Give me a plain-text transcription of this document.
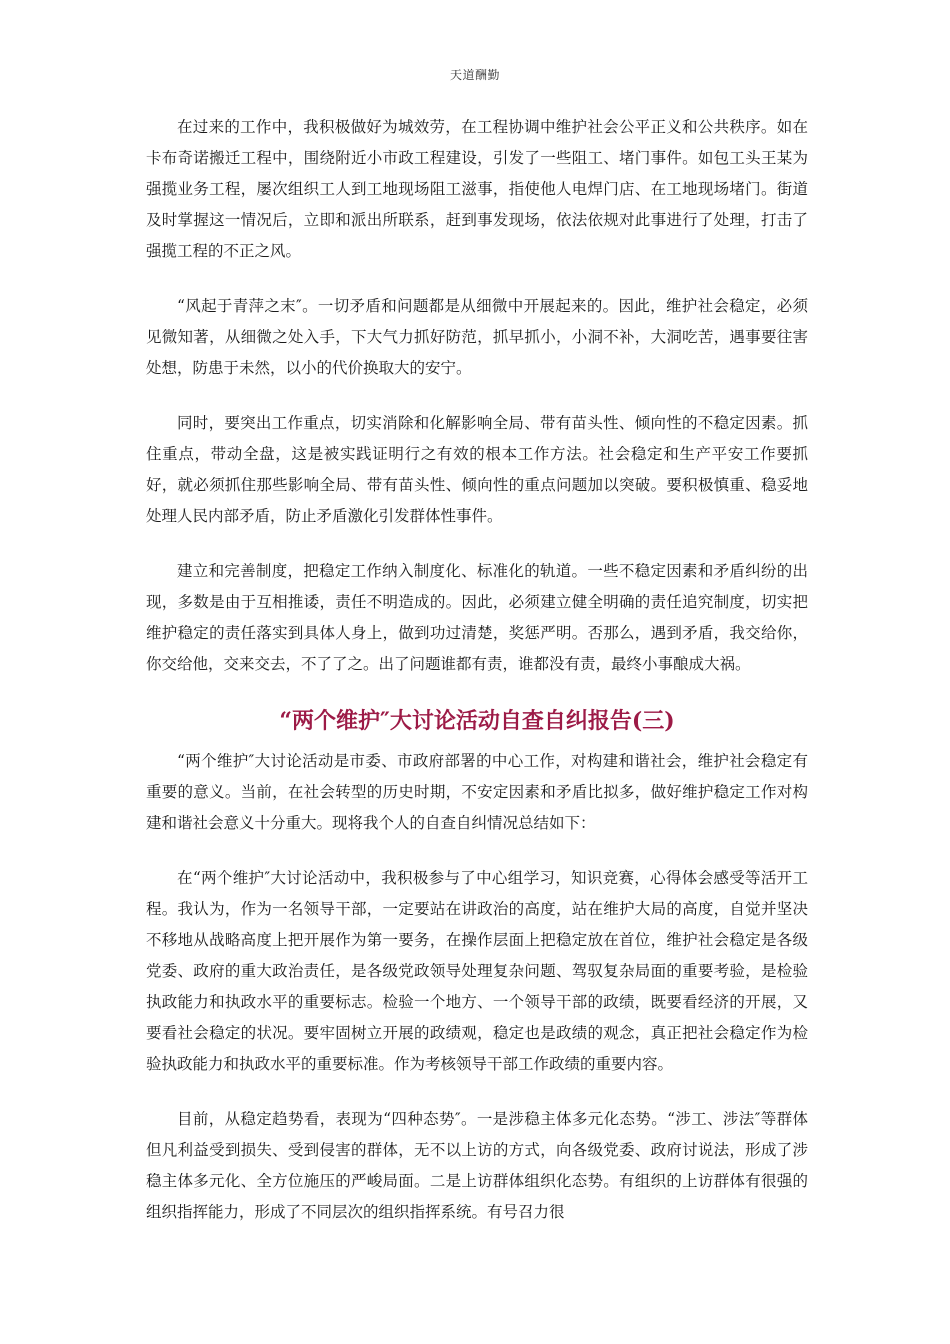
天道酬勤

在过来的工作中，我积极做好为城效劳，在工程协调中维护社会公平正义和公共秩序。如在卡布奇诺搬迁工程中，围绕附近小市政工程建设，引发了一些阻工、堵门事件。如包工头王某为强揽业务工程，屡次组织工人到工地现场阻工滋事，指使他人电焊门店、在工地现场堵门。街道及时掌握这一情况后，立即和派出所联系，赶到事发现场，依法依规对此事进行了处理，打击了强揽工程的不正之风。

“风起于青萍之末″。一切矛盾和问题都是从细微中开展起来的。因此，维护社会稳定，必须见微知著，从细微之处入手，下大气力抓好防范，抓早抓小，小洞不补，大洞吃苦，遇事要往害处想，防患于未然，以小的代价换取大的安宁。

同时，要突出工作重点，切实消除和化解影响全局、带有苗头性、倾向性的不稳定因素。抓住重点，带动全盘，这是被实践证明行之有效的根本工作方法。社会稳定和生产平安工作要抓好，就必须抓住那些影响全局、带有苗头性、倾向性的重点问题加以突破。要积极慎重、稳妥地处理人民内部矛盾，防止矛盾激化引发群体性事件。

建立和完善制度，把稳定工作纳入制度化、标准化的轨道。一些不稳定因素和矛盾纠纷的出现，多数是由于互相推诿，责任不明造成的。因此，必须建立健全明确的责任追究制度，切实把维护稳定的责任落实到具体人身上，做到功过清楚，奖惩严明。否那么，遇到矛盾，我交给你，你交给他，交来交去，不了了之。出了问题谁都有责，谁都没有责，最终小事酿成大祸。

“两个维护″大讨论活动自查自纠报告(三)

“两个维护″大讨论活动是市委、市政府部署的中心工作，对构建和谐社会，维护社会稳定有重要的意义。当前，在社会转型的历史时期，不安定因素和矛盾比拟多，做好维护稳定工作对构建和谐社会意义十分重大。现将我个人的自查自纠情况总结如下：

在“两个维护″大讨论活动中，我积极参与了中心组学习，知识竞赛，心得体会感受等活开工程。我认为，作为一名领导干部，一定要站在讲政治的高度，站在维护大局的高度，自觉并坚决不移地从战略高度上把开展作为第一要务，在操作层面上把稳定放在首位，维护社会稳定是各级党委、政府的重大政治责任，是各级党政领导处理复杂问题、驾驭复杂局面的重要考验，是检验执政能力和执政水平的重要标志。检验一个地方、一个领导干部的政绩，既要看经济的开展，又要看社会稳定的状况。要牢固树立开展的政绩观，稳定也是政绩的观念，真正把社会稳定作为检验执政能力和执政水平的重要标准。作为考核领导干部工作政绩的重要内容。

目前，从稳定趋势看，表现为“四种态势″。一是涉稳主体多元化态势。“涉工、涉法″等群体但凡利益受到损失、受到侵害的群体，无不以上访的方式，向各级党委、政府讨说法，形成了涉稳主体多元化、全方位施压的严峻局面。二是上访群体组织化态势。有组织的上访群体有很强的组织指挥能力，形成了不同层次的组织指挥系统。有号召力很
